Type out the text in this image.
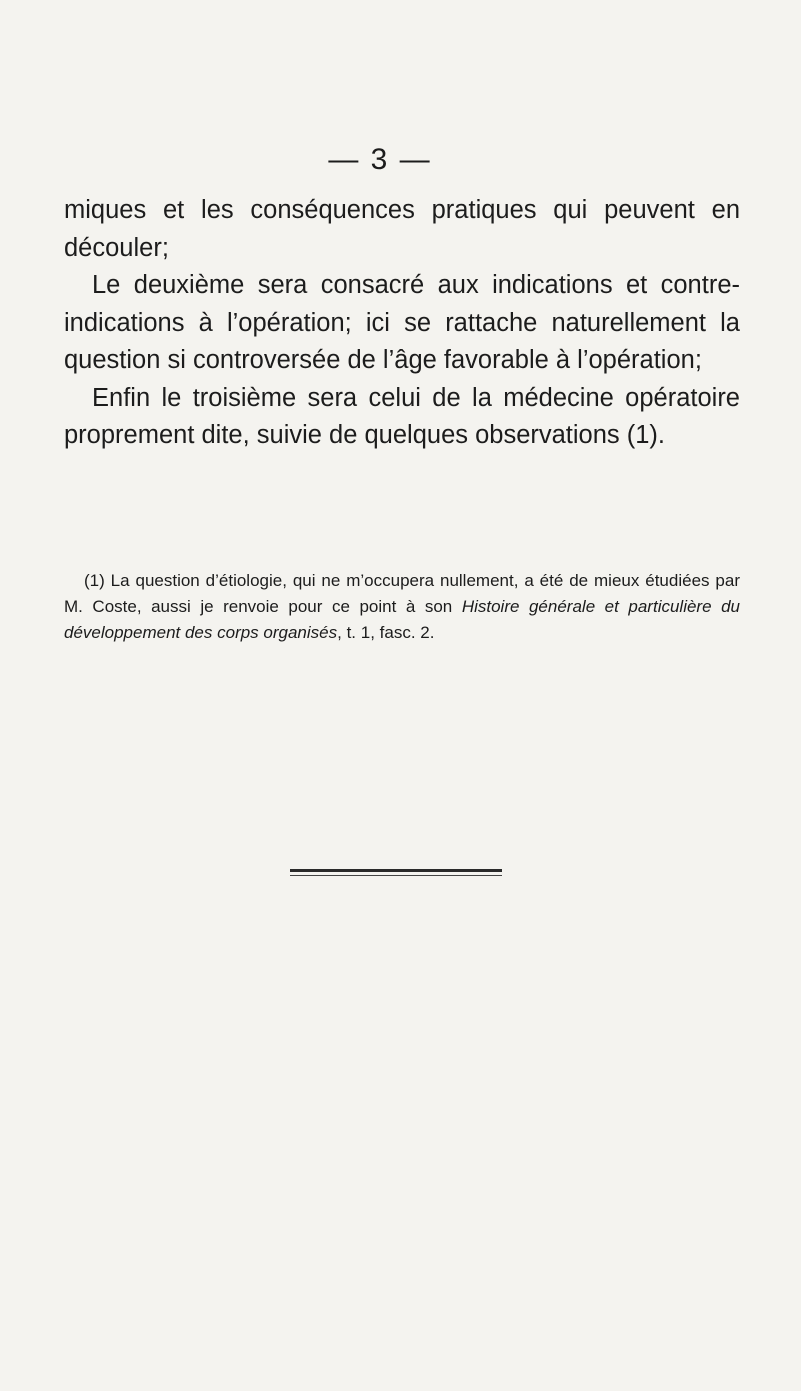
— 3 —

miques et les conséquences pratiques qui peuvent en découler;

Le deuxième sera consacré aux indications et contre-indications à l’opération; ici se rattache naturellement la question si controversée de l’âge favorable à l’opération;

Enfin le troisième sera celui de la médecine opératoire proprement dite, suivie de quelques observations (1).

(1) La question d’étiologie, qui ne m’occupera nullement, a été de mieux étudiées par M. Coste, aussi je renvoie pour ce point à son Histoire générale et particulière du développement des corps organisés, t. 1, fasc. 2.
